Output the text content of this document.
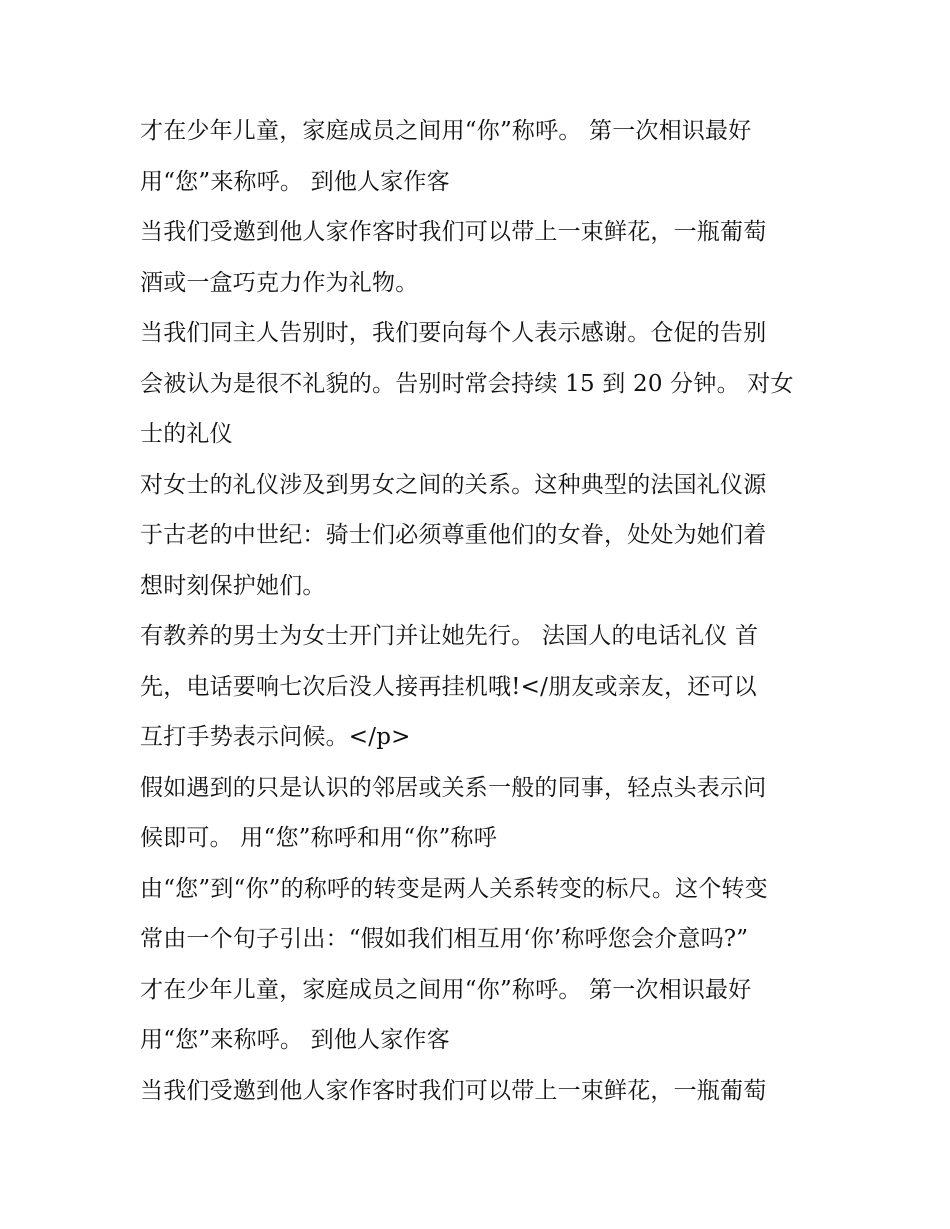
才在少年儿童，家庭成员之间用“你”称呼。 第一次相识最好
用“您”来称呼。 到他人家作客

当我们受邀到他人家作客时我们可以带上一束鲜花，一瓶葡萄
酒或一盒巧克力作为礼物。

当我们同主人告别时，我们要向每个人表示感谢。仓促的告别
会被认为是很不礼貌的。告别时常会持续 15 到 20 分钟。 对女
士的礼仪

对女士的礼仪涉及到男女之间的关系。这种典型的法国礼仪源
于古老的中世纪：骑士们必须尊重他们的女眷，处处为她们着
想时刻保护她们。

有教养的男士为女士开门并让她先行。 法国人的电话礼仪 首
先，电话要响七次后没人接再挂机哦!</朋友或亲友，还可以
互打手势表示问候。</p>

假如遇到的只是认识的邻居或关系一般的同事，轻点头表示问
候即可。 用“您”称呼和用“你”称呼

由“您”到“你”的称呼的转变是两人关系转变的标尺。这个转变
常由一个句子引出：“假如我们相互用‘你’称呼您会介意吗?”

才在少年儿童，家庭成员之间用“你”称呼。 第一次相识最好
用“您”来称呼。 到他人家作客

当我们受邀到他人家作客时我们可以带上一束鲜花，一瓶葡萄
